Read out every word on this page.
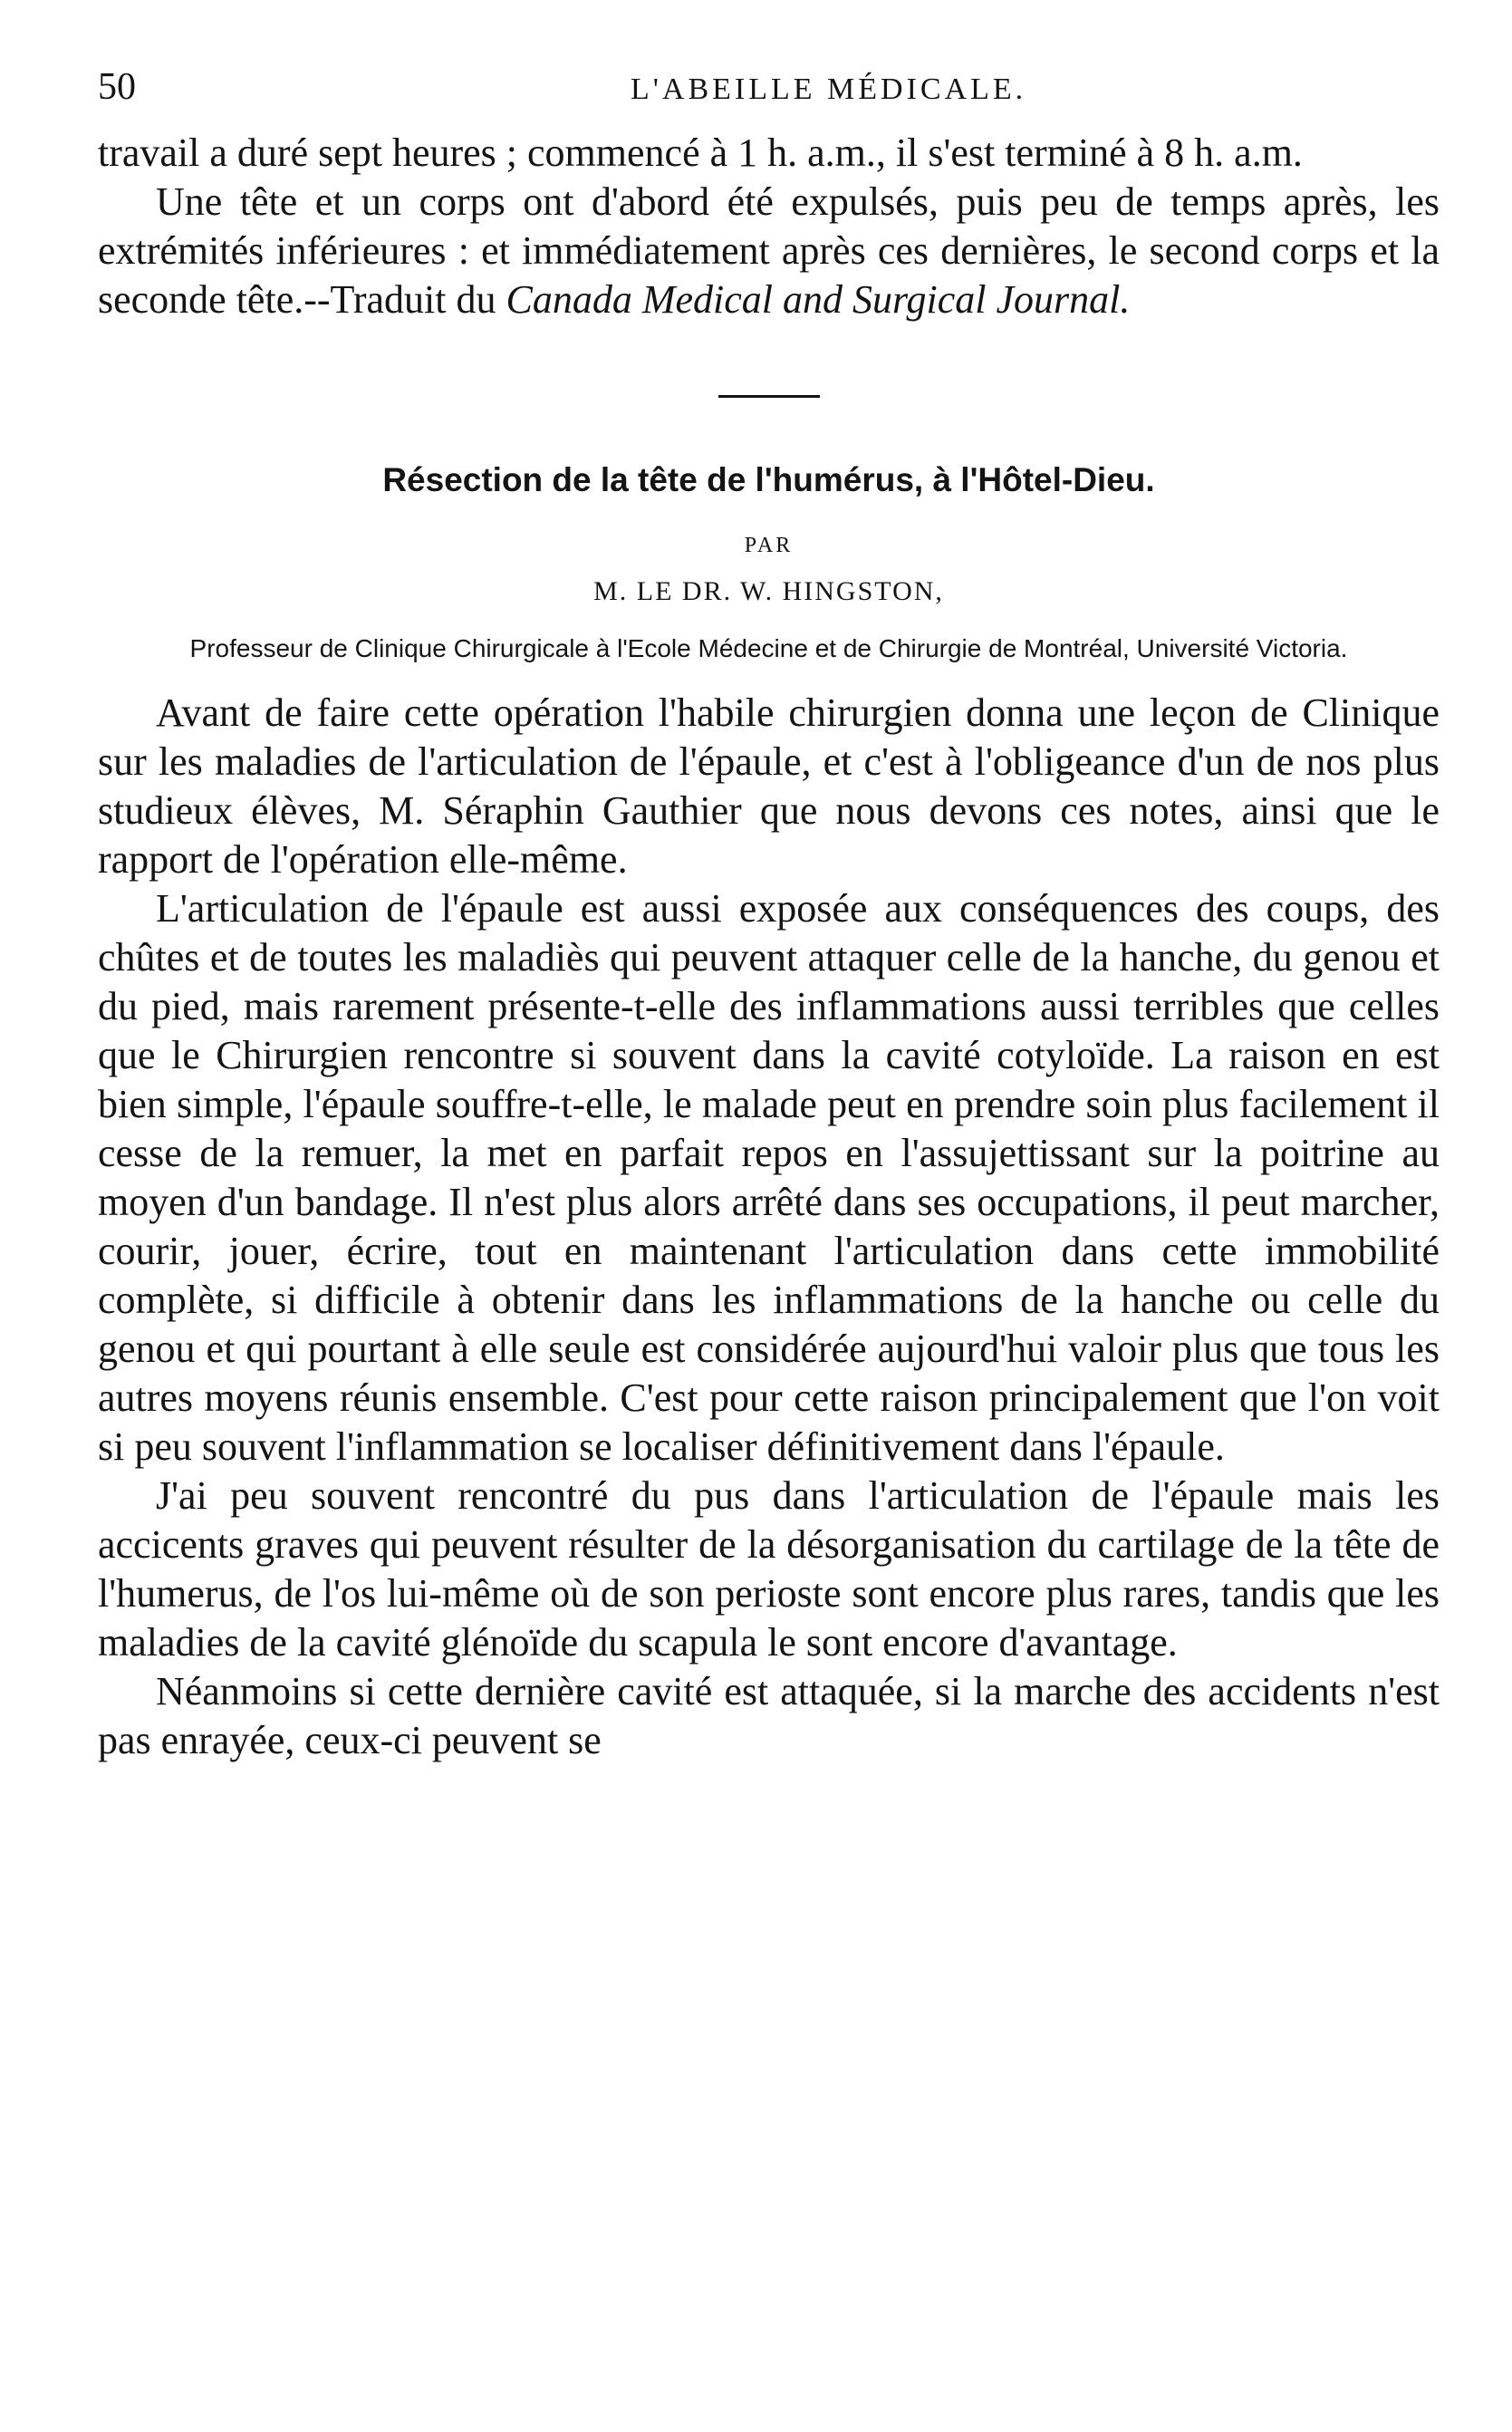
50	L'ABEILLE MÉDICALE.

travail a duré sept heures ; commencé à 1 h. a.m., il s'est terminé à 8 h. a.m.

Une tête et un corps ont d'abord été expulsés, puis peu de temps après, les extrémités inférieures : et immédiatement après ces dernières, le second corps et la seconde tête.--Traduit du Canada Medical and Surgical Journal.

Résection de la tête de l'humérus, à l'Hôtel-Dieu.

PAR

M. LE DR. W. HINGSTON,

Professeur de Clinique Chirurgicale à l'Ecole Médecine et de Chirurgie de Montréal, Université Victoria.

Avant de faire cette opération l'habile chirurgien donna une leçon de Clinique sur les maladies de l'articulation de l'épaule, et c'est à l'obligeance d'un de nos plus studieux élèves, M. Séraphin Gauthier que nous devons ces notes, ainsi que le rapport de l'opération elle-même.

L'articulation de l'épaule est aussi exposée aux conséquences des coups, des chûtes et de toutes les maladiès qui peuvent attaquer celle de la hanche, du genou et du pied, mais rarement présente-t-elle des inflammations aussi terribles que celles que le Chirurgien rencontre si souvent dans la cavité cotyloïde. La raison en est bien simple, l'épaule souffre-t-elle, le malade peut en prendre soin plus facilement il cesse de la remuer, la met en parfait repos en l'assujettissant sur la poitrine au moyen d'un bandage. Il n'est plus alors arrêté dans ses occupations, il peut marcher, courir, jouer, écrire, tout en maintenant l'articulation dans cette immobilité complète, si difficile à obtenir dans les inflammations de la hanche ou celle du genou et qui pourtant à elle seule est considérée aujourd'hui valoir plus que tous les autres moyens réunis ensemble. C'est pour cette raison principalement que l'on voit si peu souvent l'inflammation se localiser définitivement dans l'épaule.

J'ai peu souvent rencontré du pus dans l'articulation de l'épaule mais les accicents graves qui peuvent résulter de la désorganisation du cartilage de la tête de l'humerus, de l'os lui-même où de son perioste sont encore plus rares, tandis que les maladies de la cavité glénoïde du scapula le sont encore d'avantage.

Néanmoins si cette dernière cavité est attaquée, si la marche des accidents n'est pas enrayée, ceux-ci peuvent se
